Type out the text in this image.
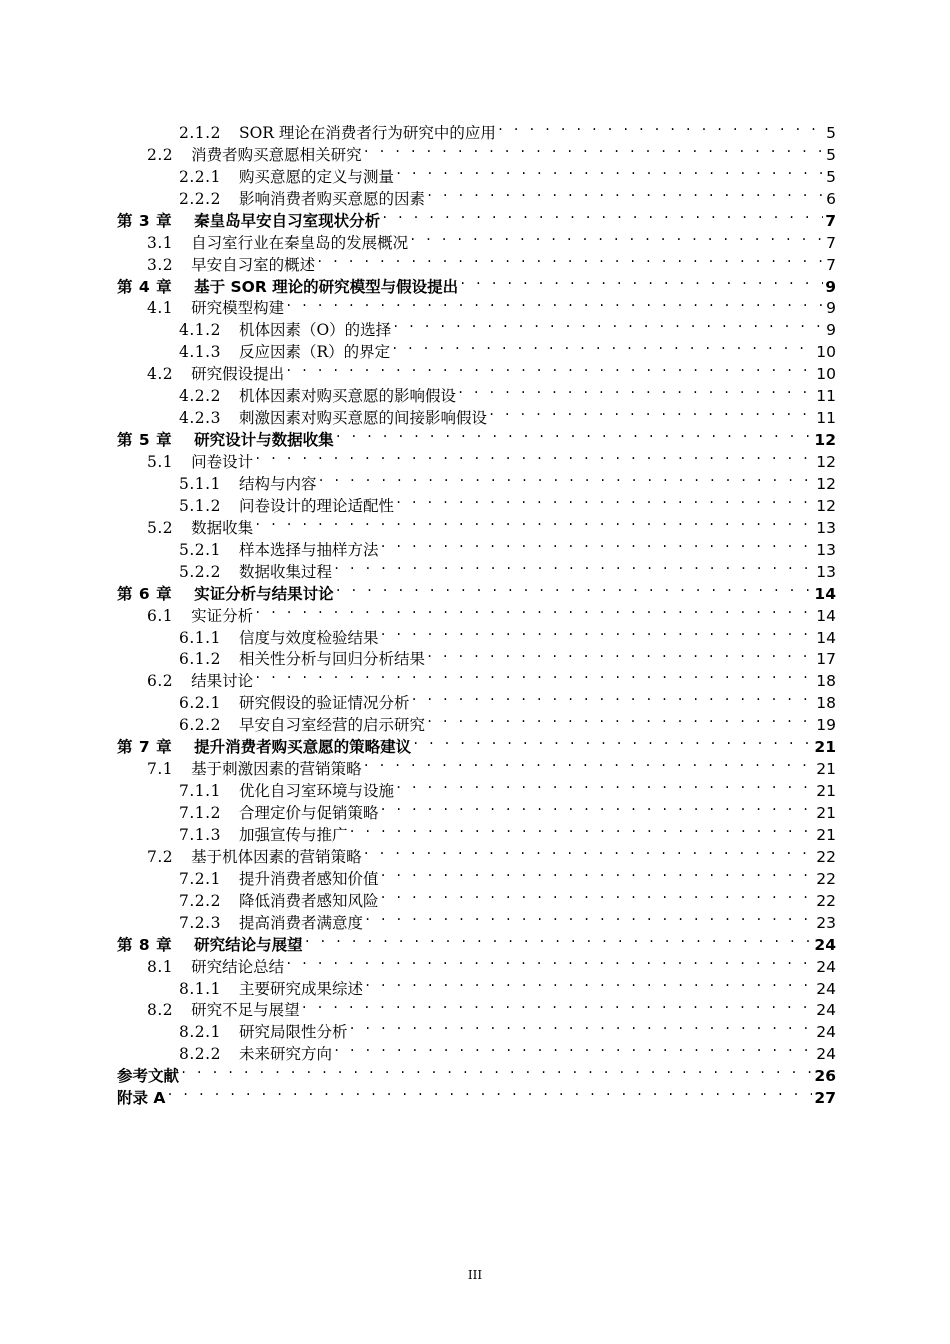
2.1.2 SOR 理论在消费者行为研究中的应用 . . .	5
2.2 消费者购买意愿相关研究 . . .	5
2.2.1 购买意愿的定义与测量 . . .	5
2.2.2 影响消费者购买意愿的因素 . . .	6
第 3 章 秦皇岛早安自习室现状分析 . . .	7
3.1 自习室行业在秦皇岛的发展概况 . . .	7
3.2 早安自习室的概述 . . .	7
第 4 章 基于 SOR 理论的研究模型与假设提出 . . .	9
4.1 研究模型构建 . . .	9
4.1.2 机体因素（O）的选择 . . .	9
4.1.3 反应因素（R）的界定 . . .	10
4.2 研究假设提出 . . .	10
4.2.2 机体因素对购买意愿的影响假设 . . .	11
4.2.3 刺激因素对购买意愿的间接影响假设 . . .	11
第 5 章 研究设计与数据收集 . . .	12
5.1 问卷设计 . . .	12
5.1.1 结构与内容 . . .	12
5.1.2 问卷设计的理论适配性 . . .	12
5.2 数据收集 . . .	13
5.2.1 样本选择与抽样方法 . . .	13
5.2.2 数据收集过程 . . .	13
第 6 章 实证分析与结果讨论 . . .	14
6.1 实证分析 . . .	14
6.1.1 信度与效度检验结果 . . .	14
6.1.2 相关性分析与回归分析结果 . . .	17
6.2 结果讨论 . . .	18
6.2.1 研究假设的验证情况分析 . . .	18
6.2.2 早安自习室经营的启示研究 . . .	19
第 7 章 提升消费者购买意愿的策略建议 . . .	21
7.1 基于刺激因素的营销策略 . . .	21
7.1.1 优化自习室环境与设施 . . .	21
7.1.2 合理定价与促销策略 . . .	21
7.1.3 加强宣传与推广 . . .	21
7.2 基于机体因素的营销策略 . . .	22
7.2.1 提升消费者感知价值 . . .	22
7.2.2 降低消费者感知风险 . . .	22
7.2.3 提高消费者满意度 . . .	23
第 8 章 研究结论与展望 . . .	24
8.1 研究结论总结 . . .	24
8.1.1 主要研究成果综述 . . .	24
8.2 研究不足与展望 . . .	24
8.2.1 研究局限性分析 . . .	24
8.2.2 未来研究方向 . . .	24
参考文献 . . .	26
附录 A . . .	27
III
